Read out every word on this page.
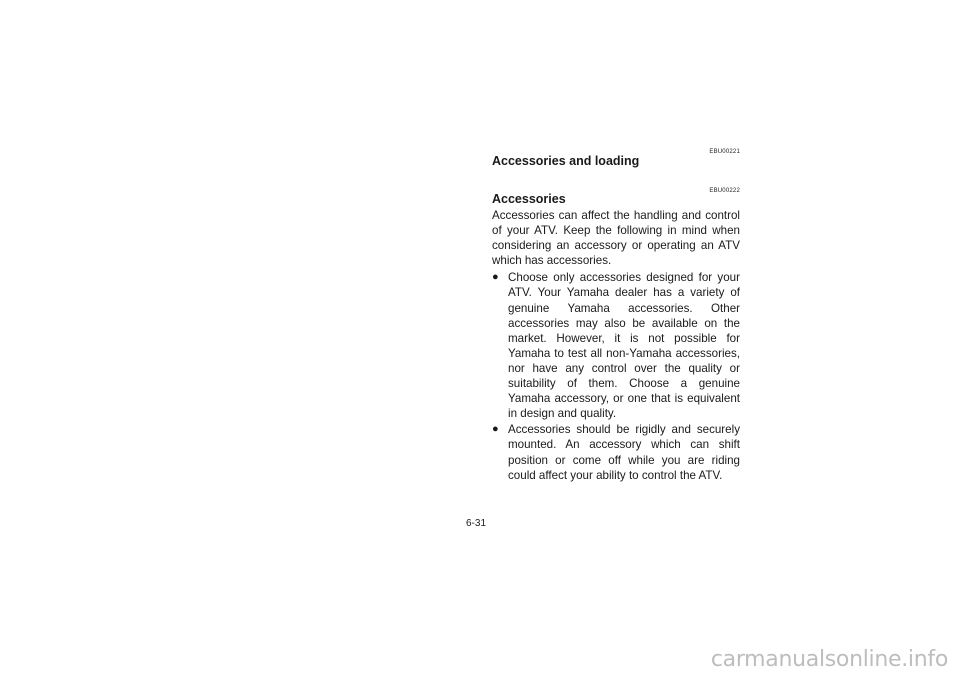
EBU00221
Accessories and loading
EBU00222
Accessories

Accessories can affect the handling and control of your ATV. Keep the following in mind when considering an accessory or operating an ATV which has accessories.

● Choose only accessories designed for your ATV. Your Yamaha dealer has a variety of genuine Yamaha accessories. Other accessories may also be available on the market. However, it is not possible for Yamaha to test all non-Yamaha accessories, nor have any control over the quality or suitability of them. Choose a genuine Yamaha accessory, or one that is equivalent in design and quality.
● Accessories should be rigidly and securely mounted. An accessory which can shift position or come off while you are riding could affect your ability to control the ATV.
6-31
carmanualsonline.info
